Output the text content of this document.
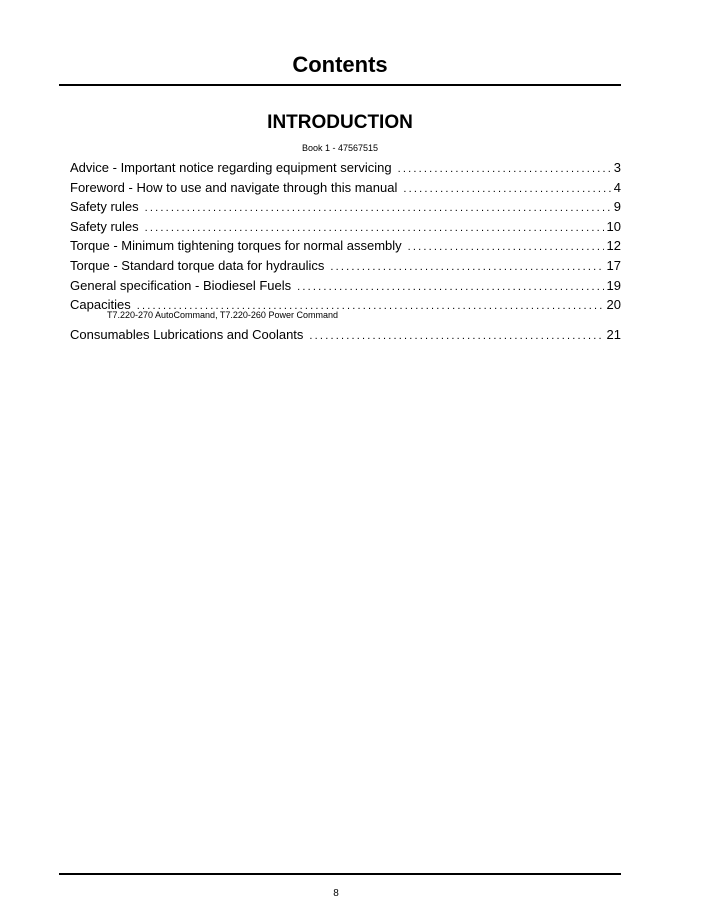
Contents
INTRODUCTION
Book 1 - 47567515
Advice - Important notice regarding equipment servicing .....	3
Foreword - How to use and navigate through this manual .....	4
Safety rules .....	9
Safety rules .....	10
Torque - Minimum tightening torques for normal assembly .....	12
Torque - Standard torque data for hydraulics .....	17
General specification - Biodiesel Fuels .....	19
Capacities .....	20
T7.220-270 AutoCommand, T7.220-260 Power Command
Consumables Lubrications and Coolants .....	21
8
